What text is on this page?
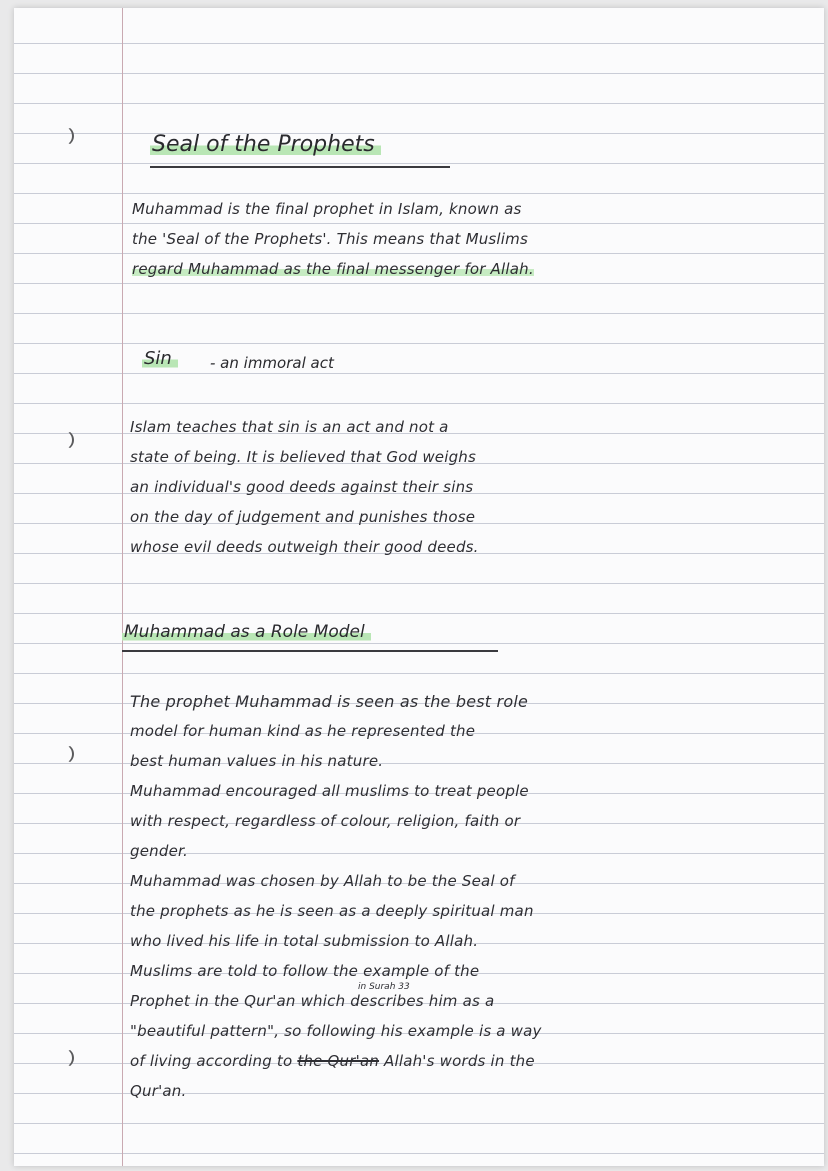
Seal of the Prophets
Muhammad is the final prophet in Islam, known as
the 'Seal of the Prophets'. This means that Muslims
regard Muhammad as the final messenger for Allah.
Sin	- an immoral act
Islam teaches that sin is an act and not a
state of being. It is believed that God weighs
an individual's good deeds against their sins
on the day of judgement and punishes those
whose evil deeds outweigh their good deeds.
Muhammad as a Role Model
The prophet Muhammad is seen as the best role
model for human kind as he represented the
best human values in his nature.
Muhammad encouraged all muslims to treat people
with respect, regardless of colour, religion, faith or
gender.
Muhammad was chosen by Allah to be the Seal of
the prophets as he is seen as a deeply spiritual man
who lived his life in total submission to Allah.
Muslims are told to follow the example of the
in Surah 33
Prophet in the Qur'an which describes him as a
"beautiful pattern", so following his example is a way
of living according to the Qur'an Allah's words in the
Qur'an.
